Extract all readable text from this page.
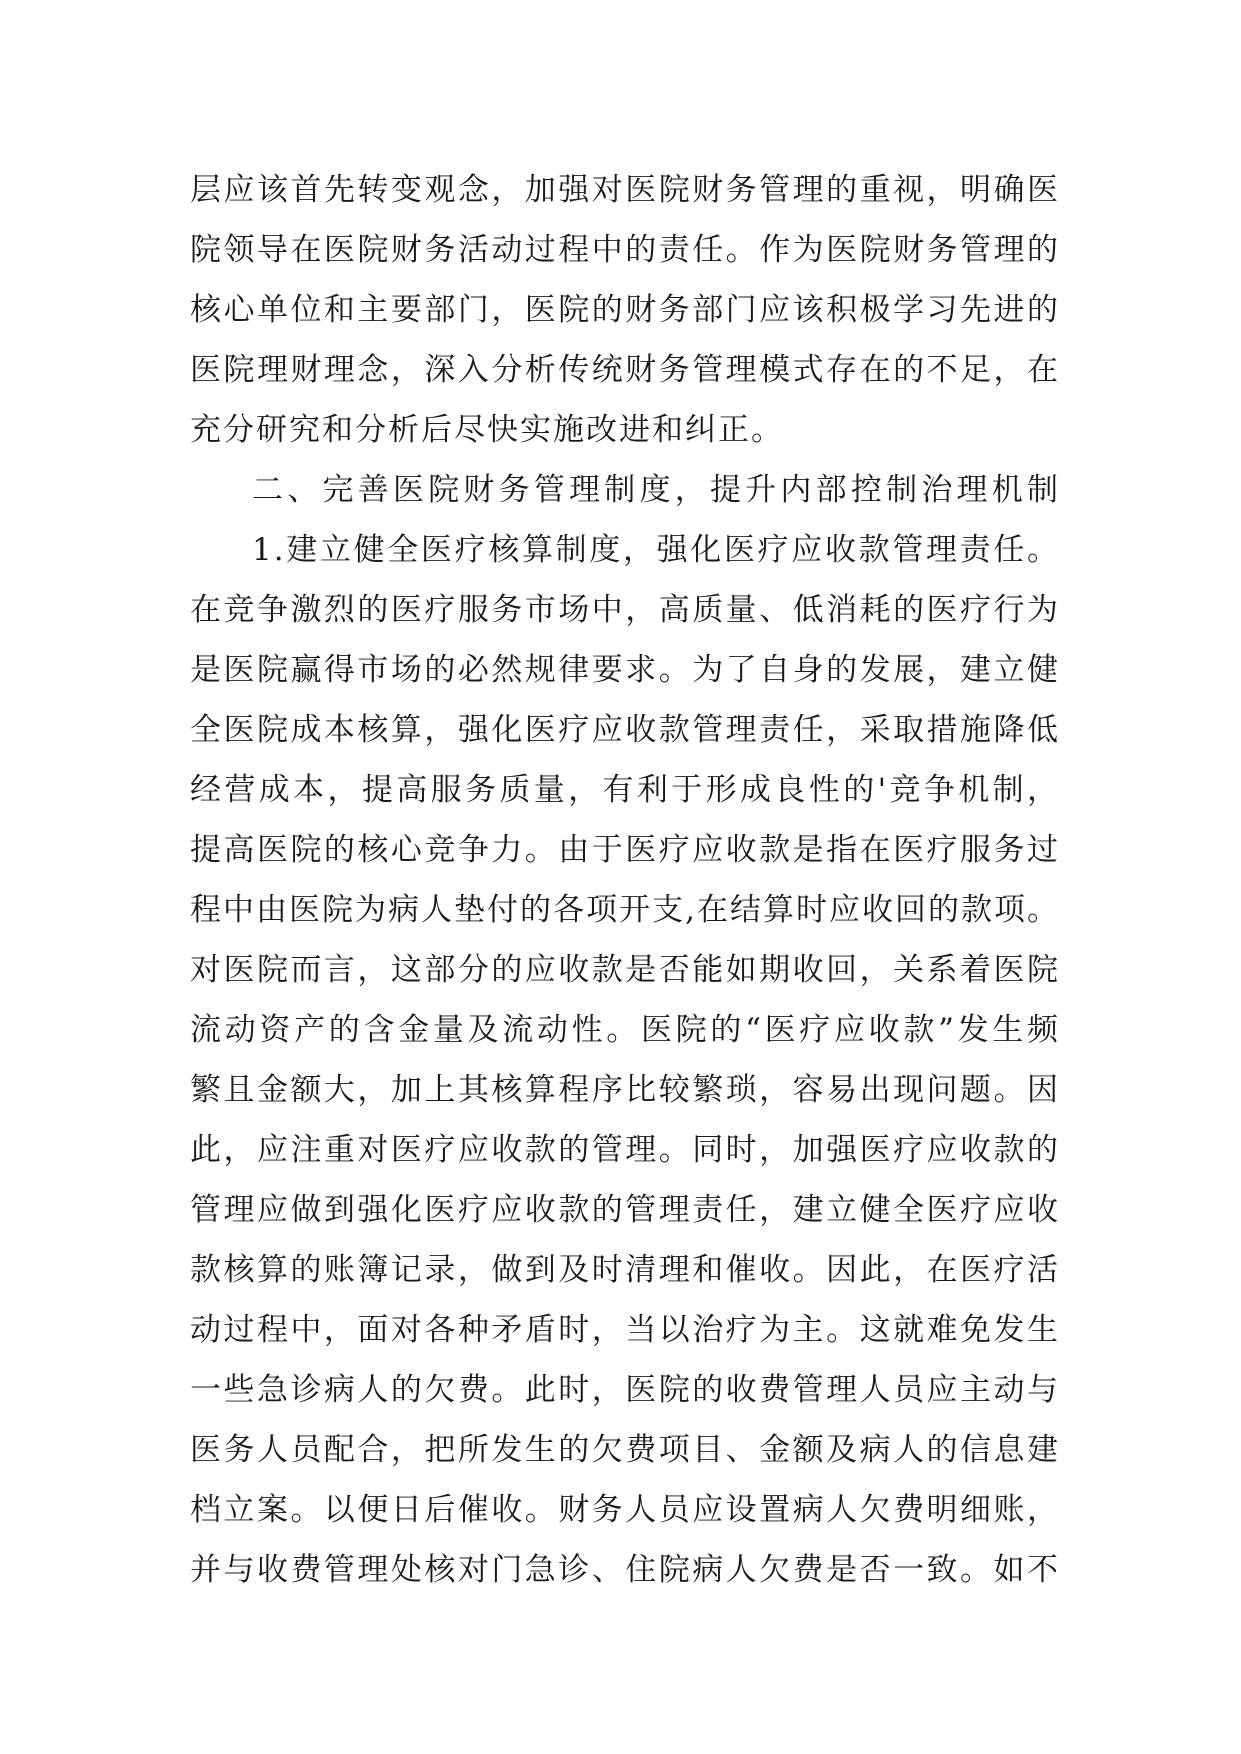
层应该首先转变观念，加强对医院财务管理的重视，明确医
院领导在医院财务活动过程中的责任。作为医院财务管理的
核心单位和主要部门，医院的财务部门应该积极学习先进的
医院理财理念，深入分析传统财务管理模式存在的不足，在
充分研究和分析后尽快实施改进和纠正。
二、完善医院财务管理制度，提升内部控制治理机制
1.建立健全医疗核算制度，强化医疗应收款管理责任。
在竞争激烈的医疗服务市场中，高质量、低消耗的医疗行为
是医院赢得市场的必然规律要求。为了自身的发展，建立健
全医院成本核算，强化医疗应收款管理责任，采取措施降低
经营成本，提高服务质量，有利于形成良性的'竞争机制，
提高医院的核心竞争力。由于医疗应收款是指在医疗服务过
程中由医院为病人垫付的各项开支,在结算时应收回的款项。
对医院而言，这部分的应收款是否能如期收回，关系着医院
流动资产的含金量及流动性。医院的“医疗应收款”发生频
繁且金额大，加上其核算程序比较繁琐，容易出现问题。因
此，应注重对医疗应收款的管理。同时，加强医疗应收款的
管理应做到强化医疗应收款的管理责任，建立健全医疗应收
款核算的账簿记录，做到及时清理和催收。因此，在医疗活
动过程中，面对各种矛盾时，当以治疗为主。这就难免发生
一些急诊病人的欠费。此时，医院的收费管理人员应主动与
医务人员配合，把所发生的欠费项目、金额及病人的信息建
档立案。以便日后催收。财务人员应设置病人欠费明细账，
并与收费管理处核对门急诊、住院病人欠费是否一致。如不
